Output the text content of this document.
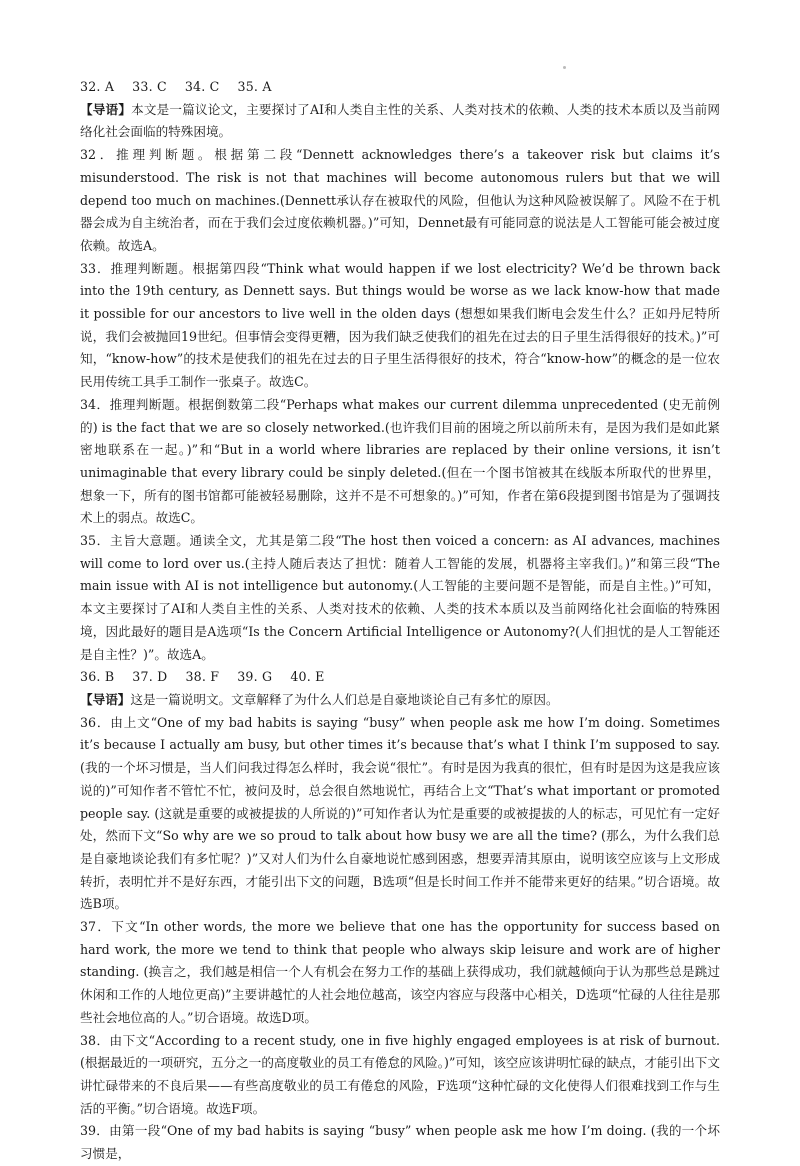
32. A 33. C 34. C 35. A

【导语】本文是一篇议论文，主要探讨了AI和人类自主性的关系、人类对技术的依赖、人类的技术本质以及当前网络化社会面临的特殊困境。

32．推理判断题。根据第二段“Dennett acknowledges there’s a takeover risk but claims it’s misunderstood. The risk is not that machines will become autonomous rulers but that we will depend too much on machines.(Dennett承认存在被取代的风险，但他认为这种风险被误解了。风险不在于机器会成为自主统治者，而在于我们会过度依赖机器。)”可知，Dennet最有可能同意的说法是人工智能可能会被过度依赖。故选A。

33．推理判断题。根据第四段“Think what would happen if we lost electricity? We’d be thrown back into the 19th century, as Dennett says. But things would be worse as we lack know-how that made it possible for our ancestors to live well in the olden days (想想如果我们断电会发生什么？正如丹尼特所说，我们会被抛回19世纪。但事情会变得更糟，因为我们缺乏使我们的祖先在过去的日子里生活得很好的技术。)”可知，“know-how”的技术是使我们的祖先在过去的日子里生活得很好的技术，符合“know-how”的概念的是一位农民用传统工具手工制作一张桌子。故选C。

34．推理判断题。根据倒数第二段“Perhaps what makes our current dilemma unprecedented (史无前例的) is the fact that we are so closely networked.(也许我们目前的困境之所以前所未有，是因为我们是如此紧密地联系在一起。)”和“But in a world where libraries are replaced by their online versions, it isn’t unimaginable that every library could be sinply deleted.(但在一个图书馆被其在线版本所取代的世界里，想象一下，所有的图书馆都可能被轻易删除，这并不是不可想象的。)”可知，作者在第6段提到图书馆是为了强调技术上的弱点。故选C。

35．主旨大意题。通读全文，尤其是第二段“The host then voiced a concern: as AI advances, machines will come to lord over us.(主持人随后表达了担忧：随着人工智能的发展，机器将主宰我们。)”和第三段“The main issue with AI is not intelligence but autonomy.(人工智能的主要问题不是智能，而是自主性。)”可知，本文主要探讨了AI和人类自主性的关系、人类对技术的依赖、人类的技术本质以及当前网络化社会面临的特殊困境，因此最好的题目是A选项“Is the Concern Artificial Intelligence or Autonomy?(人们担忧的是人工智能还是自主性？)”。故选A。

36. B 37. D 38. F 39. G 40. E

【导语】这是一篇说明文。文章解释了为什么人们总是自豪地谈论自己有多忙的原因。

36．由上文“One of my bad habits is saying “busy” when people ask me how I’m doing. Sometimes it’s because I actually am busy, but other times it’s because that’s what I think I’m supposed to say. (我的一个坏习惯是，当人们问我过得怎么样时，我会说“很忙”。有时是因为我真的很忙，但有时是因为这是我应该说的)”可知作者不管忙不忙，被问及时，总会很自然地说忙，再结合上文“That’s what important or promoted people say. (这就是重要的或被提拔的人所说的)”可知作者认为忙是重要的或被提拔的人的标志，可见忙有一定好处，然而下文“So why are we so proud to talk about how busy we are all the time? (那么，为什么我们总是自豪地谈论我们有多忙呢？)”又对人们为什么自豪地说忙感到困惑，想要弄清其原由，说明该空应该与上文形成转折，表明忙并不是好东西，才能引出下文的问题，B选项“但是长时间工作并不能带来更好的结果。”切合语境。故选B项。

37．下文“In other words, the more we believe that one has the opportunity for success based on hard work, the more we tend to think that people who always skip leisure and work are of higher standing. (换言之，我们越是相信一个人有机会在努力工作的基础上获得成功，我们就越倾向于认为那些总是跳过休闲和工作的人地位更高)”主要讲越忙的人社会地位越高，该空内容应与段落中心相关，D选项“忙碌的人往往是那些社会地位高的人。”切合语境。故选D项。

38．由下文“According to a recent study, one in five highly engaged employees is at risk of burnout. (根据最近的一项研究，五分之一的高度敬业的员工有倦怠的风险。)”可知，该空应该讲明忙碌的缺点，才能引出下文讲忙碌带来的不良后果——有些高度敬业的员工有倦怠的风险，F选项“这种忙碌的文化使得人们很难找到工作与生活的平衡。”切合语境。故选F项。

39．由第一段“One of my bad habits is saying “busy” when people ask me how I’m doing. (我的一个坏习惯是，
